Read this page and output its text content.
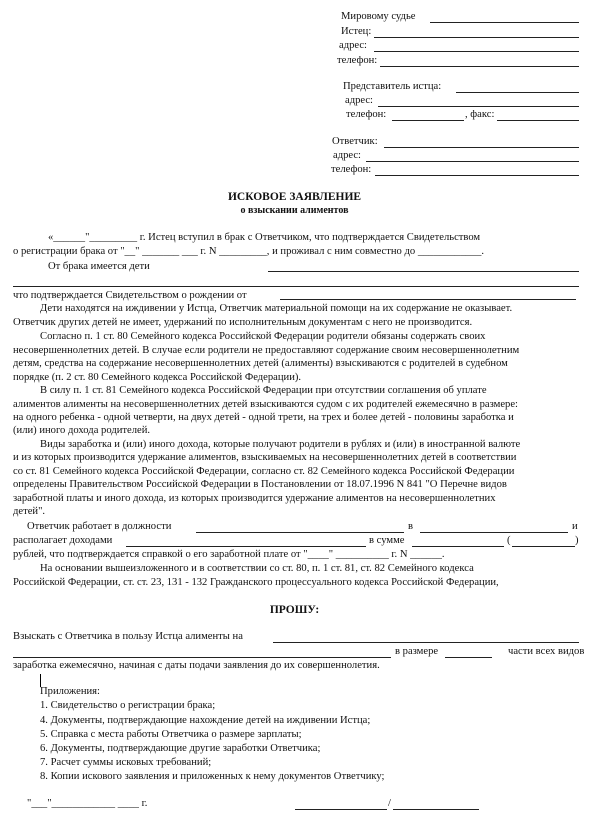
Мировому судье
Истец:
адрес:
телефон:
Представитель истца:
адрес:
телефон:	, факс:
Ответчик:
адрес:
телефон:
ИСКОВОЕ ЗАЯВЛЕНИЕ
о взыскании алиментов
«______"_________ г. Истец вступил в брак с Ответчиком, что подтверждается Свидетельством
о регистрации брака от "__" _______ ___ г. N _________, и проживал с ним совместно до ____________.
От брака имеется дети
что подтверждается Свидетельством о рождении от
Дети находятся на иждивении у Истца, Ответчик материальной помощи на их содержание не оказывает.
Ответчик других детей не имеет, удержаний по исполнительным документам с него не производится.
Согласно п. 1 ст. 80 Семейного кодекса Российской Федерации родители обязаны содержать своих
несовершеннолетних детей. В случае если родители не предоставляют содержание своим несовершеннолетним
детям, средства на содержание несовершеннолетних детей (алименты) взыскиваются с родителей в судебном
порядке (п. 2 ст. 80 Семейного кодекса Российской Федерации).
В силу п. 1 ст. 81 Семейного кодекса Российской Федерации при отсутствии соглашения об уплате
алиментов алименты на несовершеннолетних детей взыскиваются судом с их родителей ежемесячно в размере:
на одного ребенка - одной четверти, на двух детей - одной трети, на трех и более детей - половины заработка и
(или) иного дохода родителей.
Виды заработка и (или) иного дохода, которые получают родители в рублях и (или) в иностранной валюте
и из которых производится удержание алиментов, взыскиваемых на несовершеннолетних детей в соответствии
со ст. 81 Семейного кодекса Российской Федерации, согласно ст. 82 Семейного кодекса Российской Федерации
определены Правительством Российской Федерации в Постановлении от 18.07.1996 N 841 "О Перечне видов
заработной платы и иного дохода, из которых производится удержание алиментов на несовершеннолетних
детей".
Ответчик работает в должности	в	и
располагает доходами	в сумме	(	)
рублей, что подтверждается справкой о его заработной плате от "____" __________ г. N ______.
На основании вышеизложенного и в соответствии со ст. 80, п. 1 ст. 81, ст. 82 Семейного кодекса
Российской Федерации, ст. ст. 23, 131 - 132 Гражданского процессуального кодекса Российской Федерации,
ПРОШУ:
Взыскать с Ответчика в пользу Истца алименты на
в размере	части всех видов
заработка ежемесячно, начиная с даты подачи заявления до их совершеннолетия.
Приложения:
1. Свидетельство о регистрации брака;
4. Документы, подтверждающие нахождение детей на иждивении Истца;
5. Справка с места работы Ответчика о размере зарплаты;
6. Документы, подтверждающие другие заработки Ответчика;
7. Расчет суммы исковых требований;
8. Копии искового заявления и приложенных к нему документов Ответчику;
"___"____________ ____ г.	/
